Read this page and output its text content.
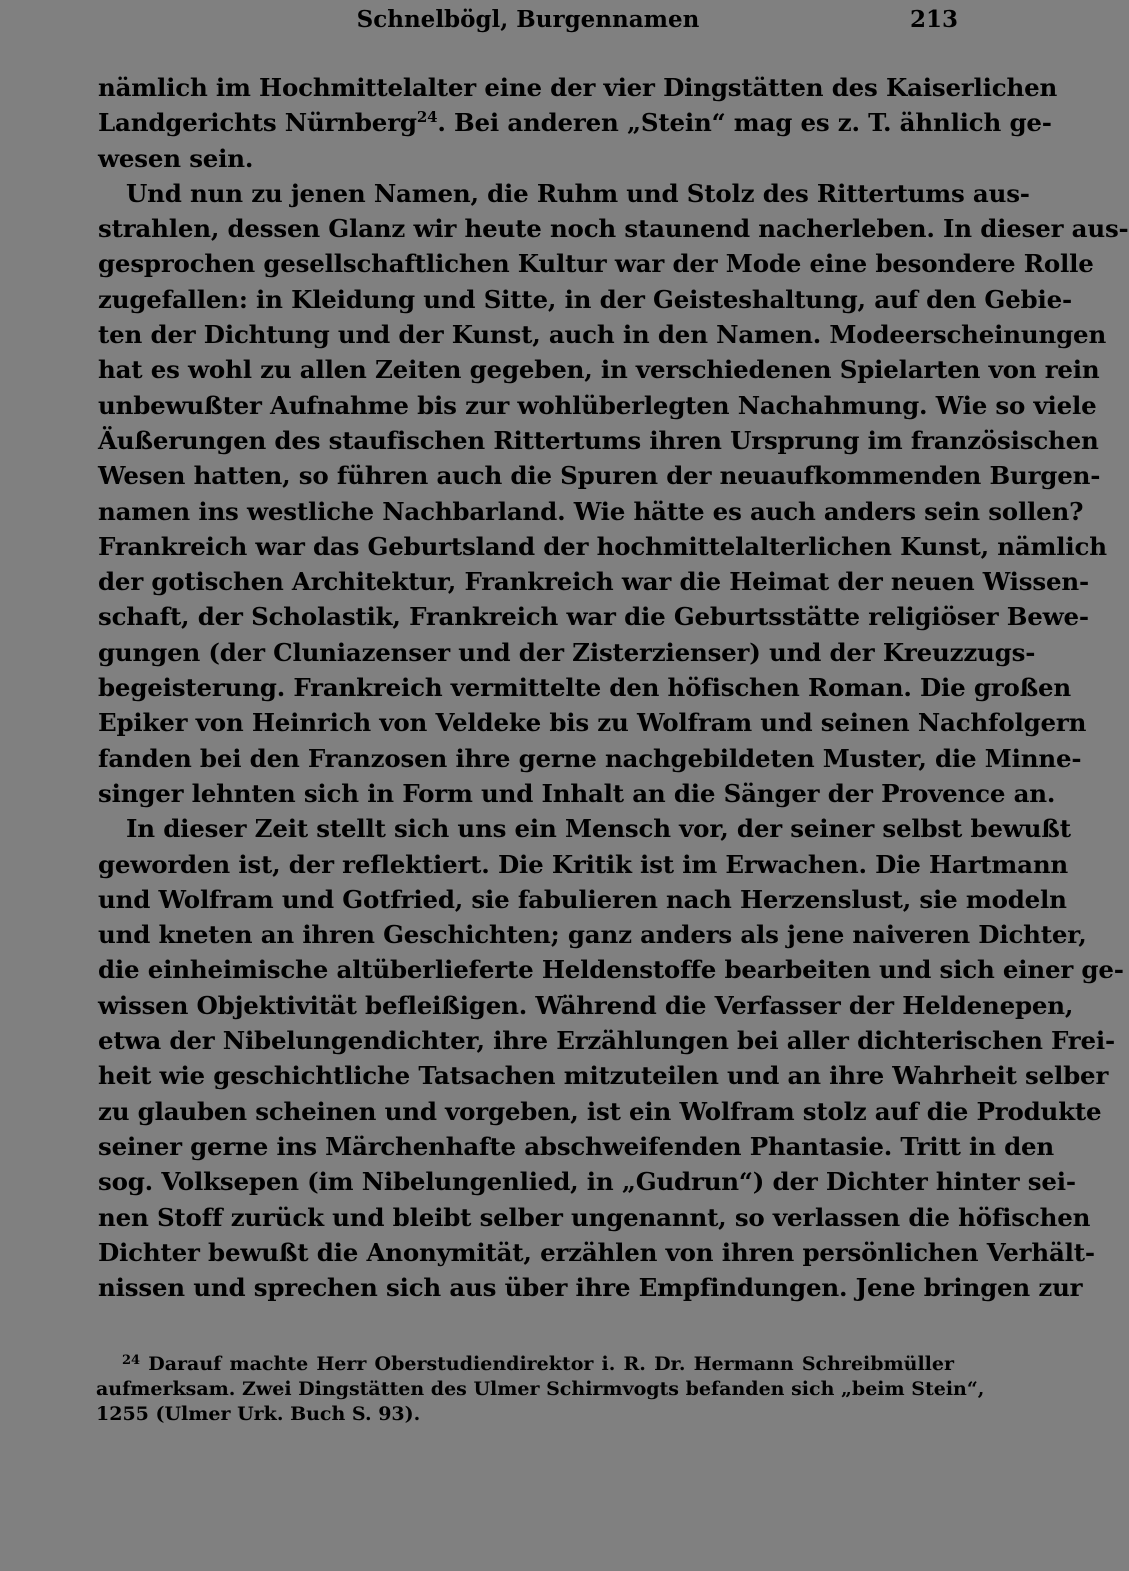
Schnelbögl, Burgennamen	213
nämlich im Hochmittelalter eine der vier Dingstätten des Kaiserlichen
Landgerichts Nürnberg$^{24}$. Bei anderen „Stein“ mag es z. T. ähnlich ge-
wesen sein.
Und nun zu jenen Namen, die Ruhm und Stolz des Rittertums aus-
strahlen, dessen Glanz wir heute noch staunend nacherleben. In dieser aus-
gesprochen gesellschaftlichen Kultur war der Mode eine besondere Rolle
zugefallen: in Kleidung und Sitte, in der Geisteshaltung, auf den Gebie-
ten der Dichtung und der Kunst, auch in den Namen. Modeerscheinungen
hat es wohl zu allen Zeiten gegeben, in verschiedenen Spielarten von rein
unbewußter Aufnahme bis zur wohlüberlegten Nachahmung. Wie so viele
Äußerungen des staufischen Rittertums ihren Ursprung im französischen
Wesen hatten, so führen auch die Spuren der neuaufkommenden Burgen-
namen ins westliche Nachbarland. Wie hätte es auch anders sein sollen?
Frankreich war das Geburtsland der hochmittelalterlichen Kunst, nämlich
der gotischen Architektur, Frankreich war die Heimat der neuen Wissen-
schaft, der Scholastik, Frankreich war die Geburtsstätte religiöser Bewe-
gungen (der Cluniazenser und der Zisterzienser) und der Kreuzzugs-
begeisterung. Frankreich vermittelte den höfischen Roman. Die großen
Epiker von Heinrich von Veldeke bis zu Wolfram und seinen Nachfolgern
fanden bei den Franzosen ihre gerne nachgebildeten Muster, die Minne-
singer lehnten sich in Form und Inhalt an die Sänger der Provence an.
In dieser Zeit stellt sich uns ein Mensch vor, der seiner selbst bewußt
geworden ist, der reflektiert. Die Kritik ist im Erwachen. Die Hartmann
und Wolfram und Gotfried, sie fabulieren nach Herzenslust, sie modeln
und kneten an ihren Geschichten; ganz anders als jene naiveren Dichter,
die einheimische altüberlieferte Heldenstoffe bearbeiten und sich einer ge-
wissen Objektivität befleißigen. Während die Verfasser der Heldenepen,
etwa der Nibelungendichter, ihre Erzählungen bei aller dichterischen Frei-
heit wie geschichtliche Tatsachen mitzuteilen und an ihre Wahrheit selber
zu glauben scheinen und vorgeben, ist ein Wolfram stolz auf die Produkte
seiner gerne ins Märchenhafte abschweifenden Phantasie. Tritt in den
sog. Volksepen (im Nibelungenlied, in „Gudrun“) der Dichter hinter sei-
nen Stoff zurück und bleibt selber ungenannt, so verlassen die höfischen
Dichter bewußt die Anonymität, erzählen von ihren persönlichen Verhält-
nissen und sprechen sich aus über ihre Empfindungen. Jene bringen zur
$^{24}$ Darauf machte Herr Oberstudiendirektor i. R. Dr. Hermann Schreibmüller
aufmerksam. Zwei Dingstätten des Ulmer Schirmvogts befanden sich „beim Stein“,
1255 (Ulmer Urk. Buch S. 93).
